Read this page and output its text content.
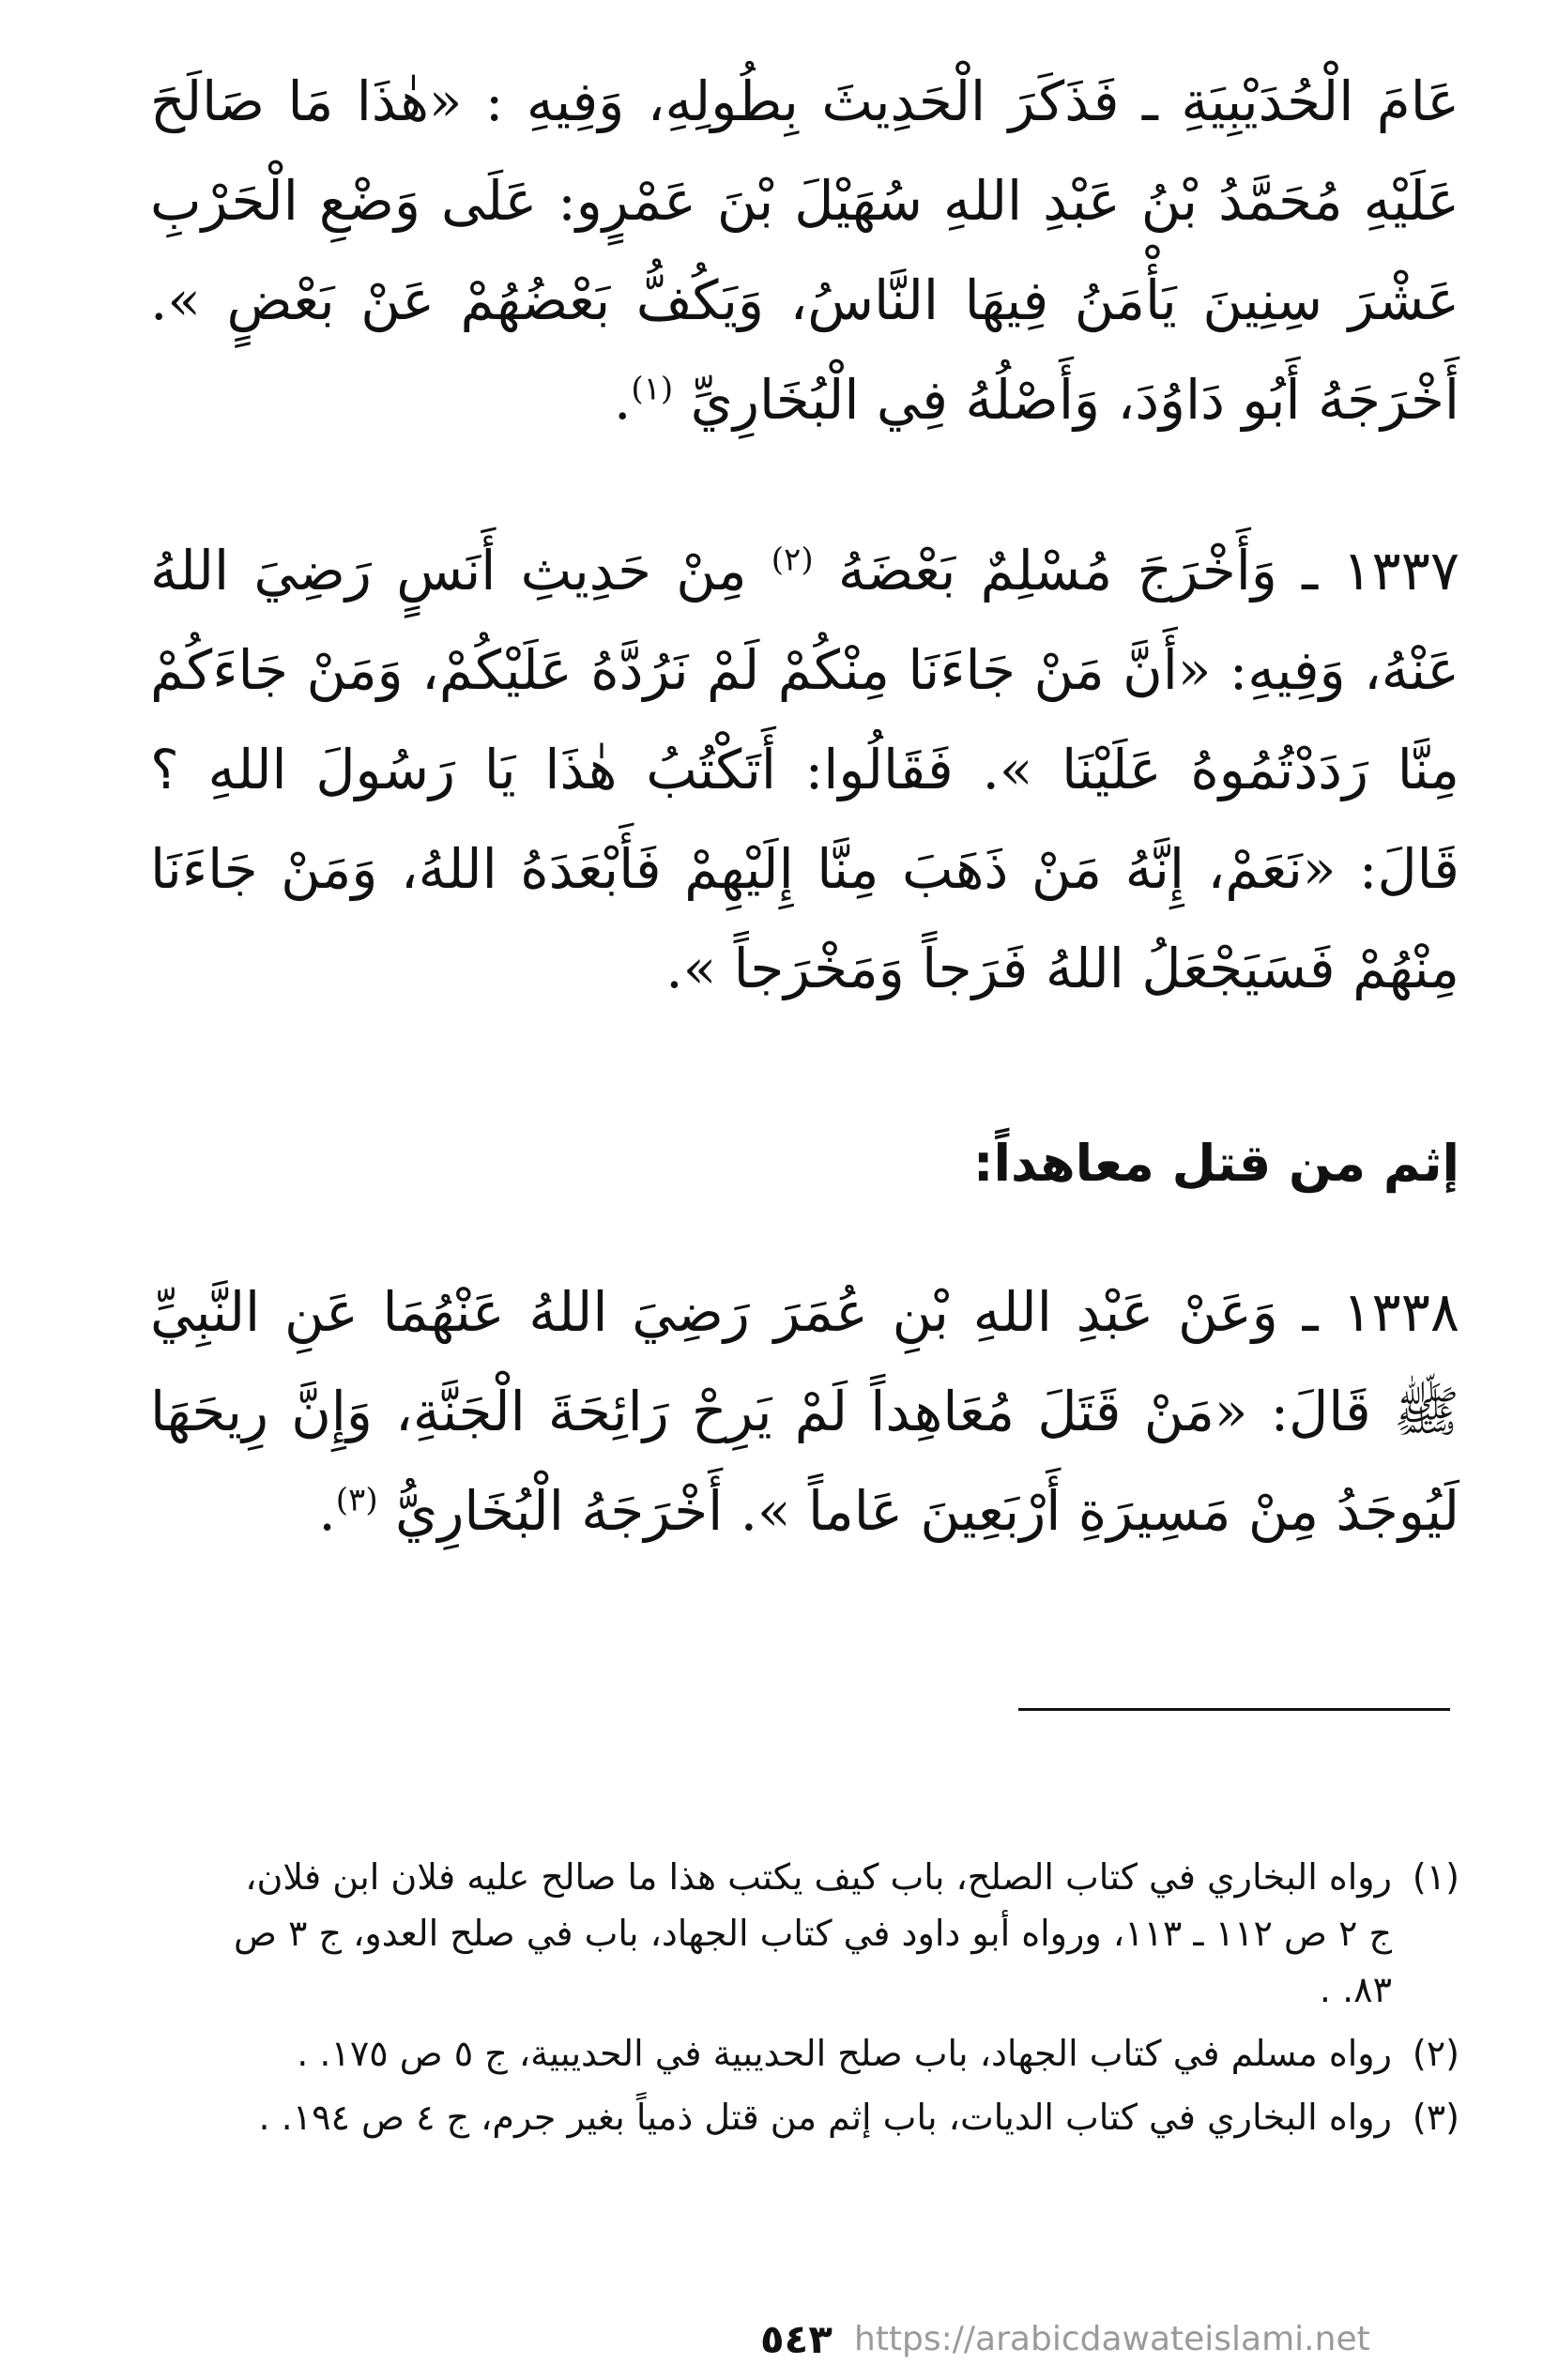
عَامَ الْحُدَيْبِيَةِ ـ فَذَكَرَ الْحَدِيثَ بِطُولِهِ، وَفِيهِ : «هٰذَا مَا صَالَحَ عَلَيْهِ مُحَمَّدُ بْنُ عَبْدِ اللهِ سُهَيْلَ بْنَ عَمْرٍو: عَلَى وَضْعِ الْحَرْبِ عَشْرَ سِنِينَ يَأْمَنُ فِيهَا النَّاسُ، وَيَكُفُّ بَعْضُهُمْ عَنْ بَعْضٍ ». أَخْرَجَهُ أَبُو دَاوُدَ، وَأَصْلُهُ فِي الْبُخَارِيِّ $^{(١)}$.

١٣٣٧ ـ وَأَخْرَجَ مُسْلِمٌ بَعْضَهُ $^{(٢)}$ مِنْ حَدِيثِ أَنَسٍ رَضِيَ اللهُ عَنْهُ، وَفِيهِ: «أَنَّ مَنْ جَاءَنَا مِنْكُمْ لَمْ نَرُدَّهُ عَلَيْكُمْ، وَمَنْ جَاءَكُمْ مِنَّا رَدَدْتُمُوهُ عَلَيْنَا ». فَقَالُوا: أَتَكْتُبُ هٰذَا يَا رَسُولَ اللهِ ؟ قَالَ: «نَعَمْ، إِنَّهُ مَنْ ذَهَبَ مِنَّا إِلَيْهِمْ فَأَبْعَدَهُ اللهُ، وَمَنْ جَاءَنَا مِنْهُمْ فَسَيَجْعَلُ اللهُ فَرَجاً وَمَخْرَجاً ».

إثم من قتل معاهداً:

١٣٣٨ ـ وَعَنْ عَبْدِ اللهِ بْنِ عُمَرَ رَضِيَ اللهُ عَنْهُمَا عَنِ النَّبِيِّ ﷺ قَالَ: «مَنْ قَتَلَ مُعَاهِداً لَمْ يَرِحْ رَائِحَةَ الْجَنَّةِ، وَإِنَّ رِيحَهَا لَيُوجَدُ مِنْ مَسِيرَةِ أَرْبَعِينَ عَاماً ». أَخْرَجَهُ الْبُخَارِيُّ $^{(٣)}$.

(١)
رواه البخاري في كتاب الصلح، باب كيف يكتب هذا ما صالح عليه فلان ابن فلان، ج ٢ ص ١١٢ ـ ١١٣، ورواه أبو داود في كتاب الجهاد، باب في صلح العدو، ج ٣ ص ٨٣. .

(٢)
رواه مسلم في كتاب الجهاد، باب صلح الحديبية في الحديبية، ج ٥ ص ١٧٥. .

(٣)
رواه البخاري في كتاب الديات، باب إثم من قتل ذمياً بغير جرم، ج ٤ ص ١٩٤. .

٥٤٣ https://arabicdawateislami.net
